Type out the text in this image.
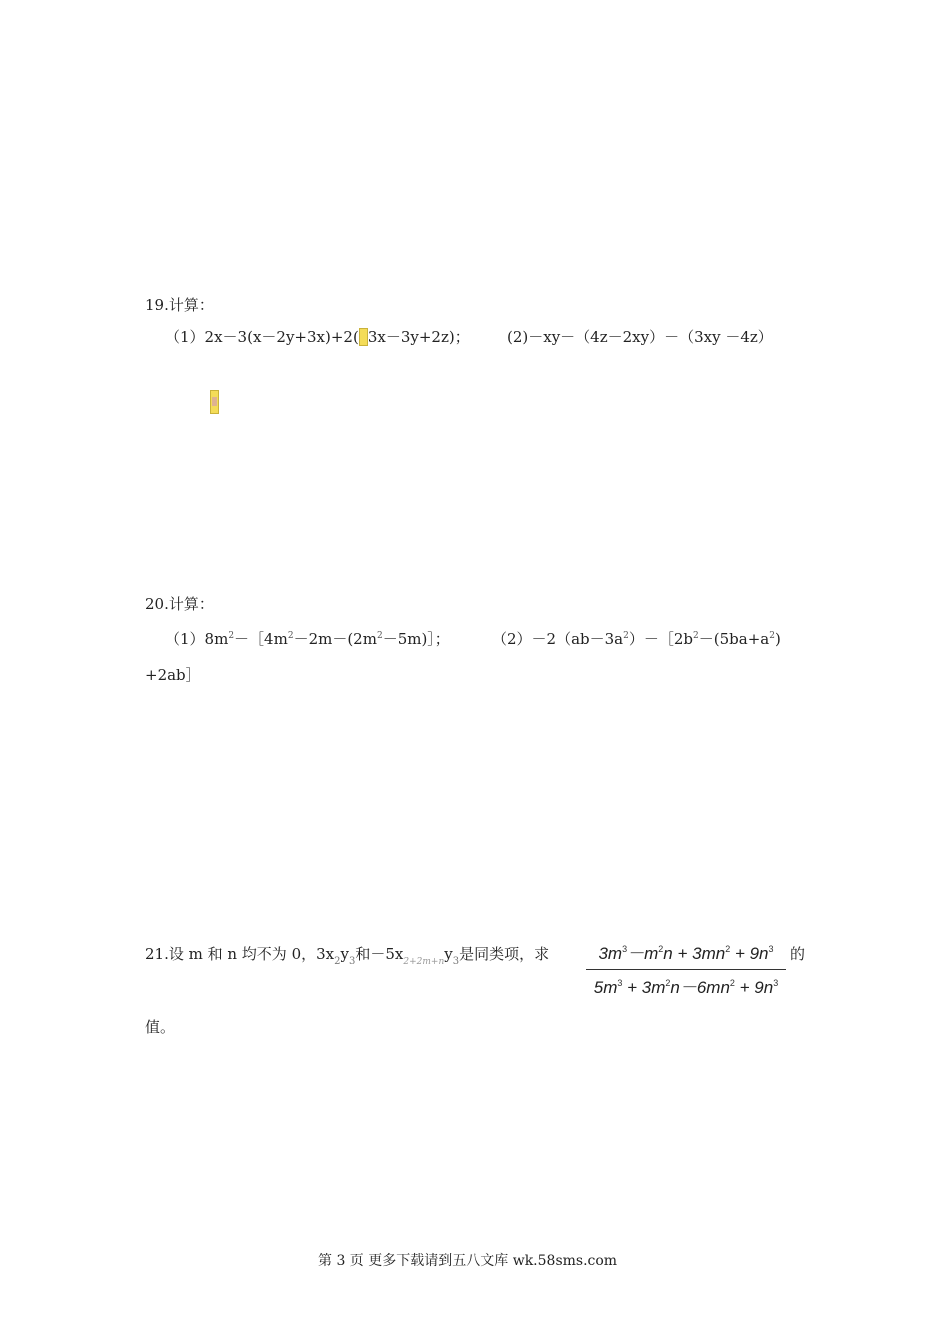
19.计算：
（1）2x－3(x－2y+3x)+2( 3x－3y+2z)； (2)－xy－（4z－2xy）－（3xy －4z）
20.计算：
$(1)8m^2-[4m^2-2m-(2m^2-5m)]$；	$(2)-2(ab-3a^2)-[2b^2-(5ba+a^2)$
+2ab］
21.设 m 和 n 均不为 0，$3x_2y_3$和$-5x_{2+2m+n}y_3$是同类项，求	$3m^3-m^2n + 3mn^2 + 9n^3$
$5m^3 + 3m^2n-6mn^2 + 9n^3$
的
值。
第 3 页 更多下载请到五八文库 wk.58sms.com
